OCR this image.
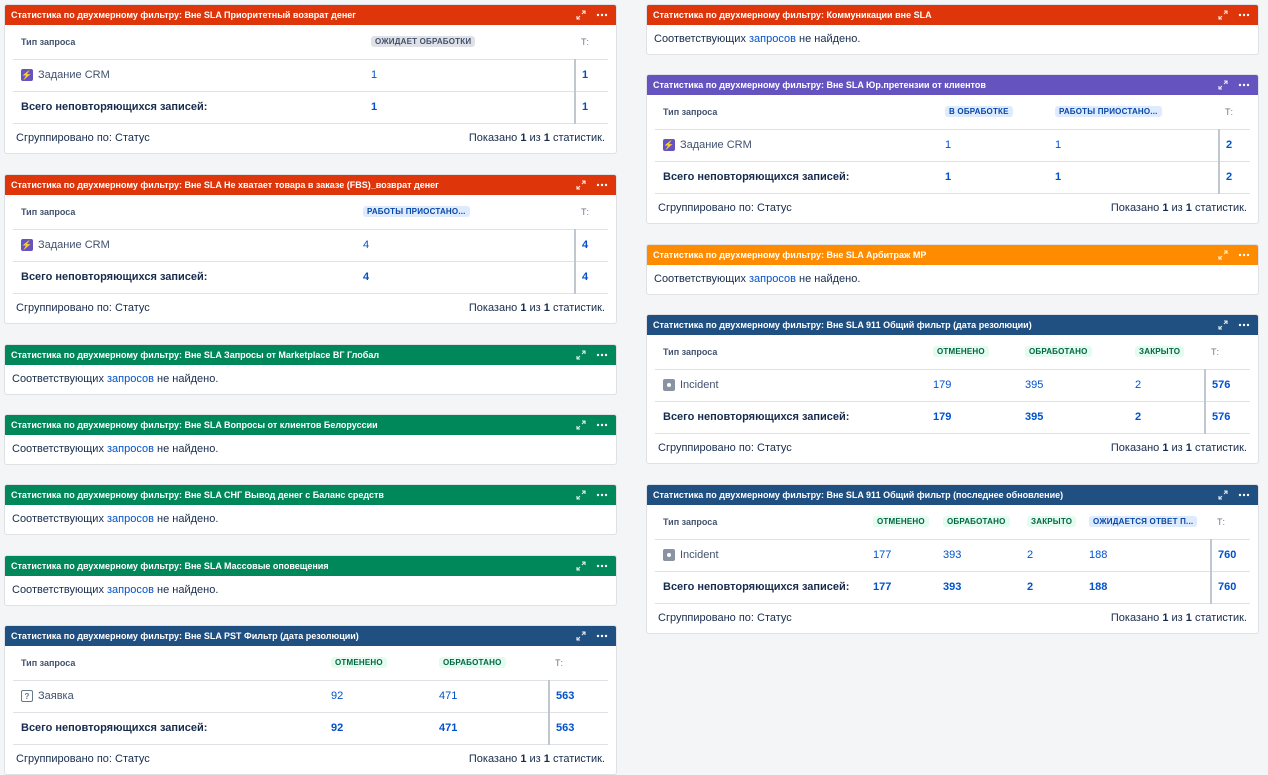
Статистика по двухмерному фильтру: Вне SLA Приоритетный возврат денег
Тип запроса	ОЖИДАЕТ ОБРАБОТКИ	Т:

⚡ Задание CRM	1	1
Всего неповторяющихся записей:	1	1
Сгруппировано по: Статус	Показано 1 из 1 статистик.
Статистика по двухмерному фильтру: Вне SLA Не хватает товара в заказе (FBS)_возврат денег
Тип запроса	РАБОТЫ ПРИОСТАНО...	Т:

⚡ Задание CRM	4	4
Всего неповторяющихся записей:	4	4
Сгруппировано по: Статус	Показано 1 из 1 статистик.
Статистика по двухмерному фильтру: Вне SLA Запросы от Marketplace ВГ Глобал
Соответствующих запросов не найдено.
Статистика по двухмерному фильтру: Вне SLA Вопросы от клиентов Белоруссии
Соответствующих запросов не найдено.
Статистика по двухмерному фильтру: Вне SLA СНГ Вывод денег с Баланс средств
Соответствующих запросов не найдено.
Статистика по двухмерному фильтру: Вне SLA Массовые оповещения
Соответствующих запросов не найдено.
Статистика по двухмерному фильтру: Вне SLA PST Фильтр (дата резолюции)
Тип запроса	ОТМЕНЕНО	ОБРАБОТАНО	Т:

? Заявка	92	471	563
Всего неповторяющихся записей:	92	471	563
Сгруппировано по: Статус	Показано 1 из 1 статистик.
Статистика по двухмерному фильтру: Коммуникации вне SLA
Соответствующих запросов не найдено.
Статистика по двухмерному фильтру: Вне SLA Юр.претензии от клиентов
Тип запроса	В ОБРАБОТКЕ	РАБОТЫ ПРИОСТАНО...	Т:

⚡ Задание CRM	1	1	2
Всего неповторяющихся записей:	1	1	2
Сгруппировано по: Статус	Показано 1 из 1 статистик.
Статистика по двухмерному фильтру: Вне SLA Арбитраж МР
Соответствующих запросов не найдено.
Статистика по двухмерному фильтру: Вне SLA 911 Общий фильтр (дата резолюции)
Тип запроса	ОТМЕНЕНО	ОБРАБОТАНО	ЗАКРЫТО	Т:

Incident	179	395	2	576
Всего неповторяющихся записей:	179	395	2	576
Сгруппировано по: Статус	Показано 1 из 1 статистик.
Статистика по двухмерному фильтру: Вне SLA 911 Общий фильтр (последнее обновление)
Тип запроса	ОТМЕНЕНО	ОБРАБОТАНО	ЗАКРЫТО	ОЖИДАЕТСЯ ОТВЕТ П...	Т:

Incident	177	393	2	188	760
Всего неповторяющихся записей:	177	393	2	188	760
Сгруппировано по: Статус	Показано 1 из 1 статистик.
